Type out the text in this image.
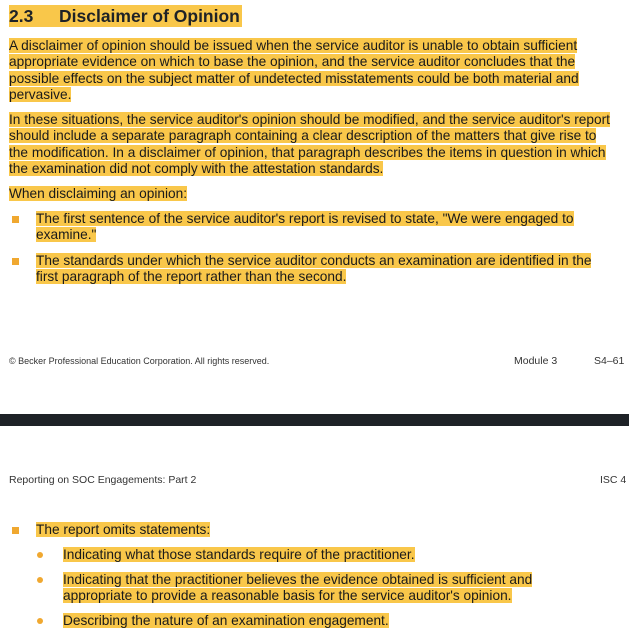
2.3 Disclaimer of Opinion

A disclaimer of opinion should be issued when the service auditor is unable to obtain sufficient appropriate evidence on which to base the opinion, and the service auditor concludes that the possible effects on the subject matter of undetected misstatements could be both material and pervasive.

In these situations, the service auditor's opinion should be modified, and the service auditor's report should include a separate paragraph containing a clear description of the matters that give rise to the modification. In a disclaimer of opinion, that paragraph describes the items in question in which the examination did not comply with the attestation standards.

When disclaiming an opinion:

The first sentence of the service auditor's report is revised to state, "We were engaged to examine."
The standards under which the service auditor conducts an examination are identified in the first paragraph of the report rather than the second.
© Becker Professional Education Corporation. All rights reserved.	Module 3	S4–61
Reporting on SOC Engagements: Part 2	ISC 4
The report omits statements:
Indicating what those standards require of the practitioner.
Indicating that the practitioner believes the evidence obtained is sufficient and appropriate to provide a reasonable basis for the service auditor's opinion.
Describing the nature of an examination engagement.
